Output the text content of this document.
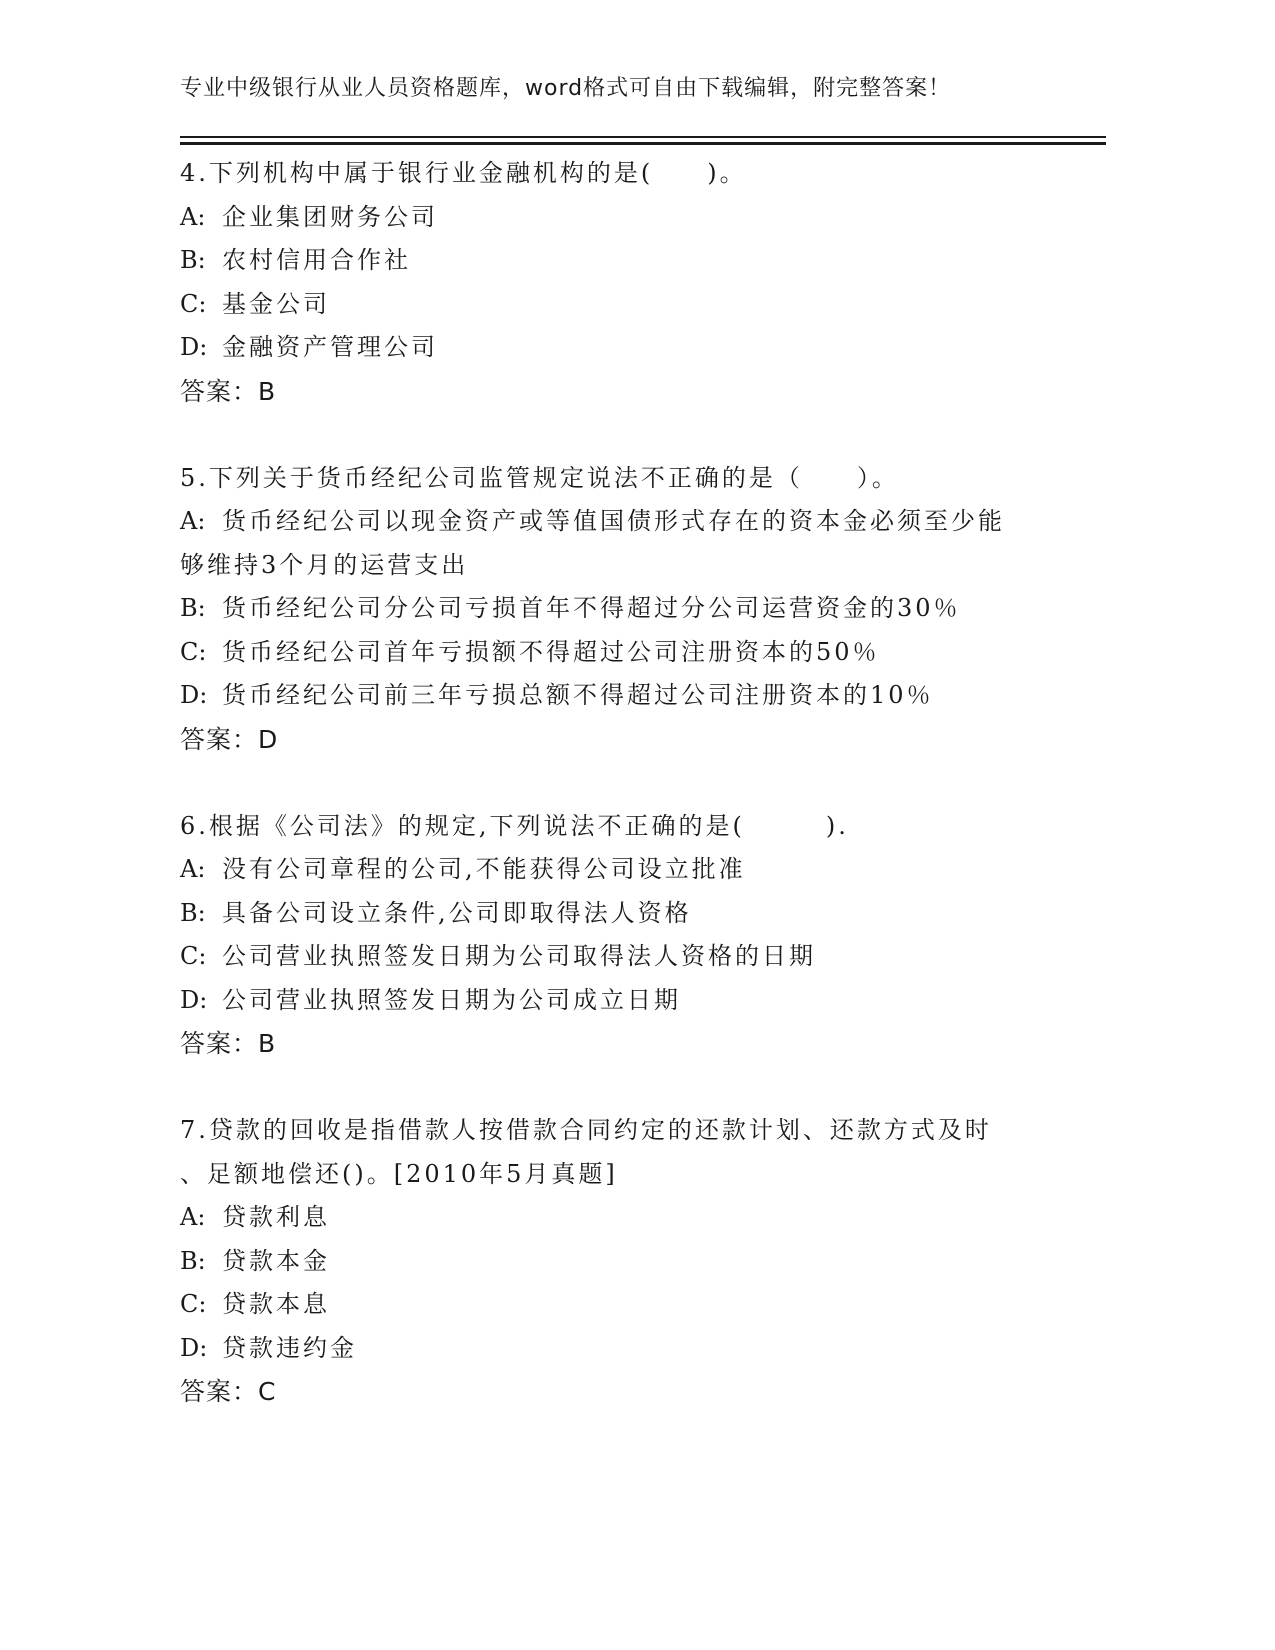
专业中级银行从业人员资格题库，word格式可自由下载编辑，附完整答案！
4.下列机构中属于银行业金融机构的是(　　)。
A: 企业集团财务公司
B: 农村信用合作社
C: 基金公司
D: 金融资产管理公司
答案：B
5.下列关于货币经纪公司监管规定说法不正确的是（　　）。
A: 货币经纪公司以现金资产或等值国债形式存在的资本金必须至少能
够维持3个月的运营支出
B: 货币经纪公司分公司亏损首年不得超过分公司运营资金的30％
C: 货币经纪公司首年亏损额不得超过公司注册资本的50％
D: 货币经纪公司前三年亏损总额不得超过公司注册资本的10％
答案：D
6.根据《公司法》的规定,下列说法不正确的是(　　　).
A: 没有公司章程的公司,不能获得公司设立批准
B: 具备公司设立条件,公司即取得法人资格
C: 公司营业执照签发日期为公司取得法人资格的日期
D: 公司营业执照签发日期为公司成立日期
答案：B
7.贷款的回收是指借款人按借款合同约定的还款计划、还款方式及时
、足额地偿还()。[2010年5月真题]
A: 贷款利息
B: 贷款本金
C: 贷款本息
D: 贷款违约金
答案：C
